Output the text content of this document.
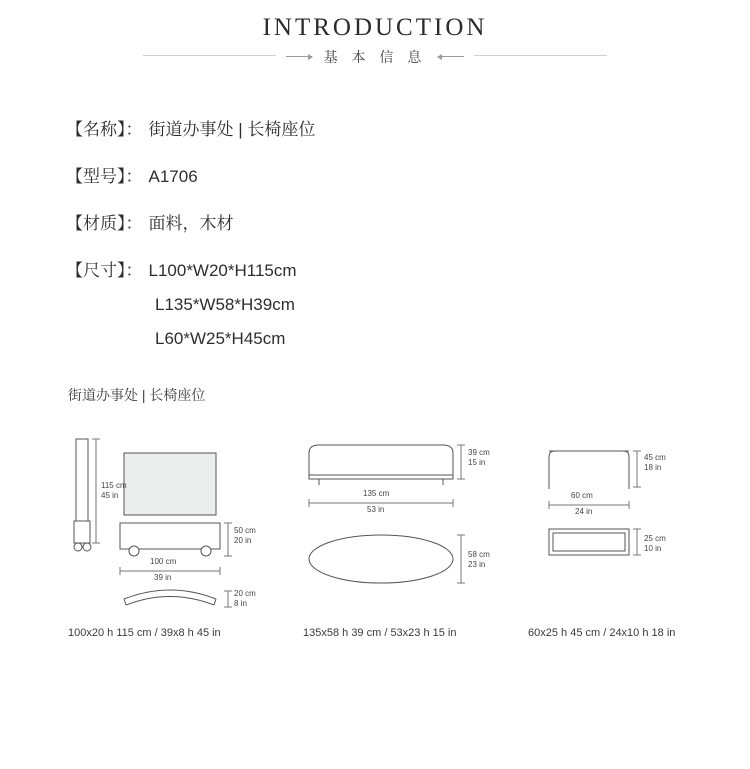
INTRODUCTION
基 本 信 息
【名称】： 街道办事处 | 长椅座位
【型号】： A1706
【材质】： 面料，木材
【尺寸】： L100*W20*H115cm
L135*W58*H39cm
L60*W25*H45cm
街道办事处 | 长椅座位
115 cm
45 in
50 cm
20 in
100 cm
39 in
20 cm
8 in
39 cm
15 in
135 cm
53 in
58 cm
23 in
45 cm
18 in
60 cm
24 in
25 cm
10 in
100x20 h 115 cm / 39x8 h 45 in	135x58 h 39 cm / 53x23 h 15 in	60x25 h 45 cm / 24x10 h 18 in
